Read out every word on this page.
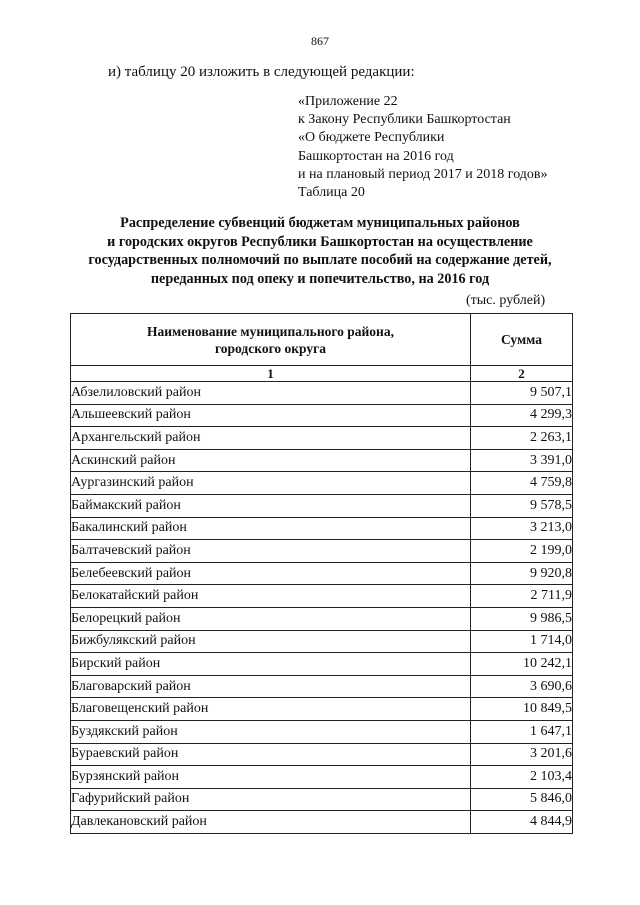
867
и) таблицу 20 изложить в следующей редакции:
«Приложение 22
к Закону Республики Башкортостан
«О бюджете Республики
Башкортостан на 2016 год
и на плановый период 2017 и 2018 годов»
Таблица 20
Распределение субвенций бюджетам муниципальных районов
и городских округов Республики Башкортостан на осуществление
государственных полномочий по выплате пособий на содержание детей,
переданных под опеку и попечительство, на 2016 год
(тыс. рублей)
Наименование муниципального района,
городского округа	Сумма
1	2
Абзелиловский район	9 507,1
Альшеевский район	4 299,3
Архангельский район	2 263,1
Аскинский район	3 391,0
Аургазинский район	4 759,8
Баймакский район	9 578,5
Бакалинский район	3 213,0
Балтачевский район	2 199,0
Белебеевский район	9 920,8
Белокатайский район	2 711,9
Белорецкий район	9 986,5
Бижбулякский район	1 714,0
Бирский район	10 242,1
Благоварский район	3 690,6
Благовещенский район	10 849,5
Буздякский район	1 647,1
Бураевский район	3 201,6
Бурзянский район	2 103,4
Гафурийский район	5 846,0
Давлекановский район	4 844,9
